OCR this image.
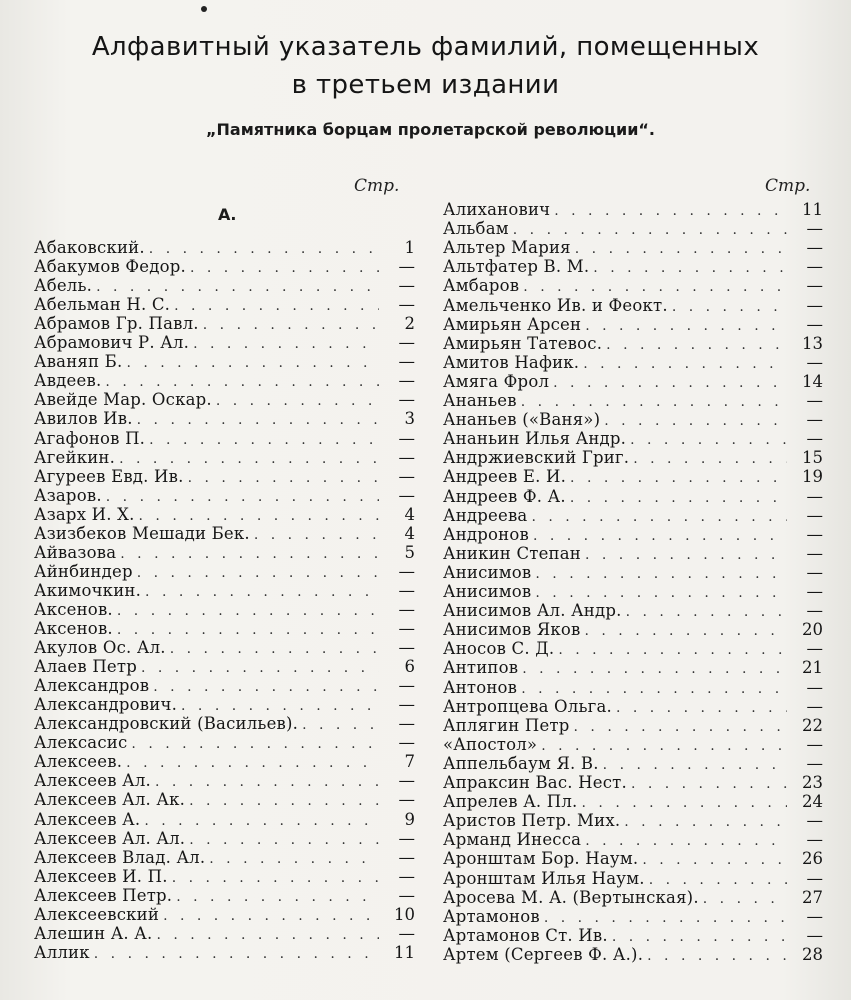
Алфавитный указатель фамилий, помещенных
в третьем издании
„Памятника борцам пролетарской революции“.
Стр.	Стр.
А.
Абаковский. . . .	1
Абакумов Федор. . . .	—
Абель. . . .	—
Абельман Н. С. . . .	—
Абрамов Гр. Павл. . . .	2
Абрамович Р. Ал. . . .	—
Аваняп Б. . . .	—
Авдеев. . . .	—
Авейде Мар. Оскар. . . .	—
Авилов Ив. . . .	3
Агафонов П. . . .	—
Агейкин. . . .	—
Агуреев Евд. Ив. . . .	—
Азаров. . . .	—
Азарх И. Х. . . .	4
Азизбеков Мешади Бек. . . .	4
Айвазова . . .	5
Айнбиндер . . .	—
Акимочкин. . . .	—
Аксенов. . . .	—
Аксенов. . . .	—
Акулов Ос. Ал. . . .	—
Алаев Петр . . .	6
Александров . . .	—
Александрович. . . .	—
Александровский (Васильев). . . .	—
Алексасис . . .	—
Алексеев. . . .	7
Алексеев Ал. . . .	—
Алексеев Ал. Ак. . . .	—
Алексеев А. . . .	9
Алексеев Ал. Ал. . . .	—
Алексеев Влад. Ал. . . .	—
Алексеев И. П. . . .	—
Алексеев Петр. . . .	—
Алексеевский . . .	10
Алешин А. А. . . .	—
Аллик . . .	11
Алиханович . . .	11
Альбам . . .	—
Альтер Мария . . .	—
Альтфатер В. М. . . .	—
Амбаров . . .	—
Амельченко Ив. и Феокт. . . .	—
Амирьян Арсен . . .	—
Амирьян Татевос. . . .	13
Амитов Нафик. . . .	—
Амяга Фрол . . .	14
Ананьев . . .	—
Ананьев («Ваня») . . .	—
Ананьин Илья Андр. . . .	—
Андржиевский Григ. . . .	15
Андреев Е. И. . . .	19
Андреев Ф. А. . . .	—
Андреева . . .	—
Андронов . . .	—
Аникин Степан . . .	—
Анисимов . . .	—
Анисимов . . .	—
Анисимов Ал. Андр. . . .	—
Анисимов Яков . . .	20
Аносов С. Д. . . .	—
Антипов . . .	21
Антонов . . .	—
Антропцева Ольга. . . .	—
Аплягин Петр . . .	22
«Апостол» . . .	—
Аппельбаум Я. В. . . .	—
Апраксин Вас. Нест. . . .	23
Апрелев А. Пл. . . .	24
Аристов Петр. Мих. . . .	—
Арманд Инесса . . .	—
Аронштам Бор. Наум. . . .	26
Аронштам Илья Наум. . . .	—
Аросева М. А. (Вертынская). . . .	27
Артамонов . . .	—
Артамонов Ст. Ив. . . .	—
Артем (Сергеев Ф. А.). . . .	28
